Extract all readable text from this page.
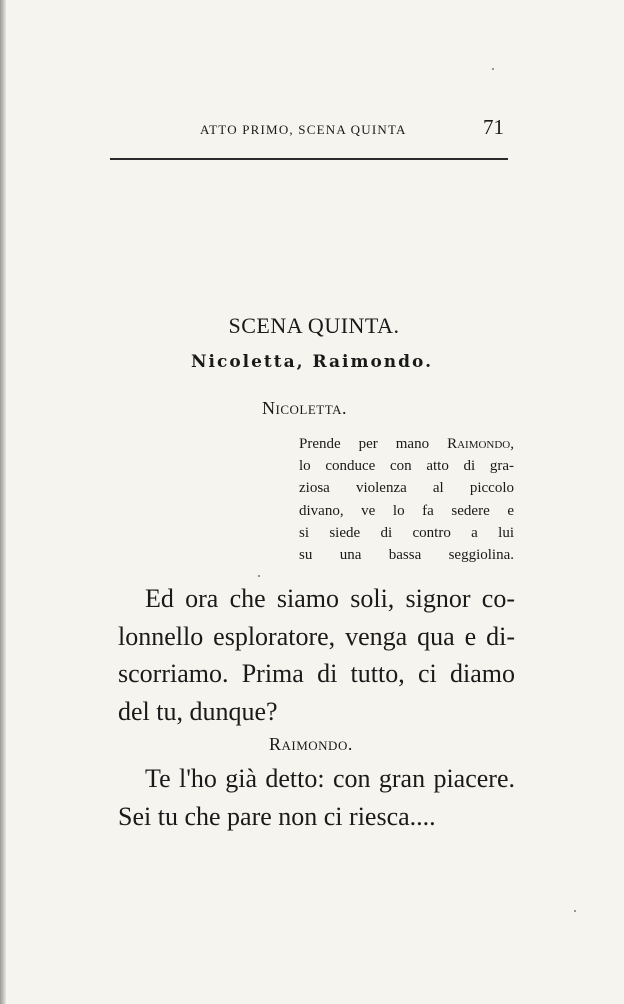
ATTO PRIMO, SCENA QUINTA	71
SCENA QUINTA.
Nicoletta, Raimondo.
Nicoletta.
Prende per mano Raimondo,
lo conduce con atto di gra-
ziosa violenza al piccolo
divano, ve lo fa sedere e
si siede di contro a lui
su una bassa seggiolina.
Ed ora che siamo soli, signor co-
lonnello esploratore, venga qua e di-
scorriamo. Prima di tutto, ci diamo
del tu, dunque?
Raimondo.
Te l'ho già detto: con gran piacere.
Sei tu che pare non ci riesca....
